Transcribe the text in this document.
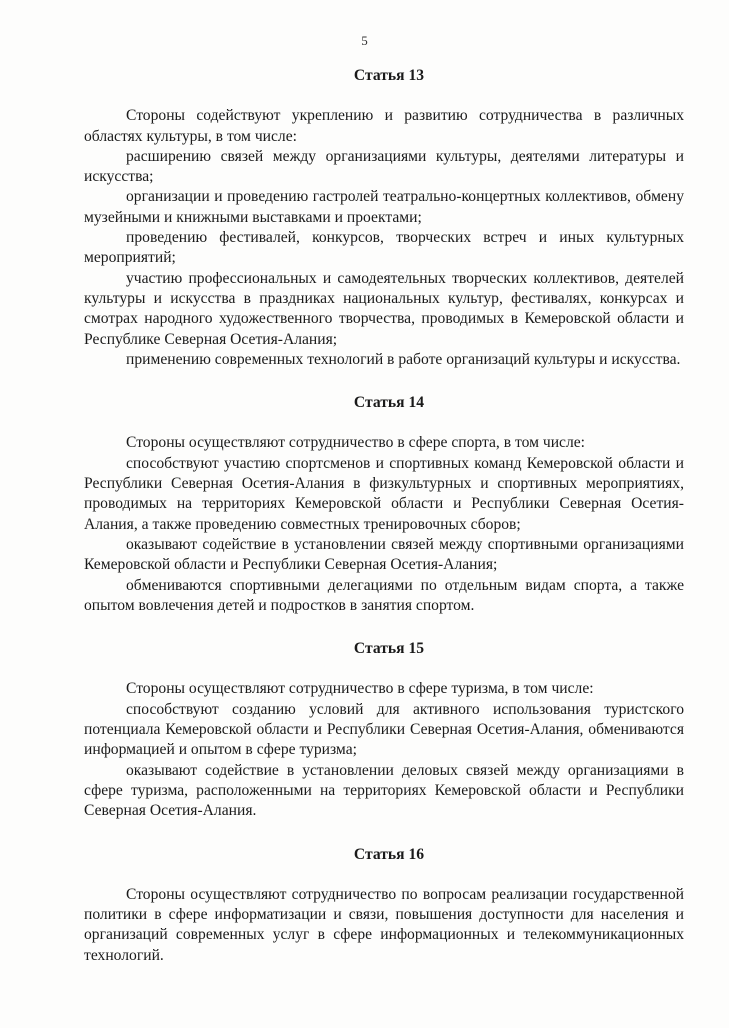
5
Статья 13

Стороны содействуют укреплению и развитию сотрудничества в различных областях культуры, в том числе:

расширению связей между организациями культуры, деятелями литературы и искусства;

организации и проведению гастролей театрально-концертных коллективов, обмену музейными и книжными выставками и проектами;

проведению фестивалей, конкурсов, творческих встреч и иных культурных мероприятий;

участию профессиональных и самодеятельных творческих коллективов, деятелей культуры и искусства в праздниках национальных культур, фестивалях, конкурсах и смотрах народного художественного творчества, проводимых в Кемеровской области и Республике Северная Осетия-Алания;

применению современных технологий в работе организаций культуры и искусства.

Статья 14

Стороны осуществляют сотрудничество в сфере спорта, в том числе:

способствуют участию спортсменов и спортивных команд Кемеровской области и Республики Северная Осетия-Алания в физкультурных и спортивных мероприятиях, проводимых на территориях Кемеровской области и Республики Северная Осетия-Алания, а также проведению совместных тренировочных сборов;

оказывают содействие в установлении связей между спортивными организациями Кемеровской области и Республики Северная Осетия-Алания;

обмениваются спортивными делегациями по отдельным видам спорта, а также опытом вовлечения детей и подростков в занятия спортом.

Статья 15

Стороны осуществляют сотрудничество в сфере туризма, в том числе:

способствуют созданию условий для активного использования туристского потенциала Кемеровской области и Республики Северная Осетия-Алания, обмениваются информацией и опытом в сфере туризма;

оказывают содействие в установлении деловых связей между организациями в сфере туризма, расположенными на территориях Кемеровской области и Республики Северная Осетия-Алания.

Статья 16

Стороны осуществляют сотрудничество по вопросам реализации государственной политики в сфере информатизации и связи, повышения доступности для населения и организаций современных услуг в сфере информационных и телекоммуникационных технологий.
